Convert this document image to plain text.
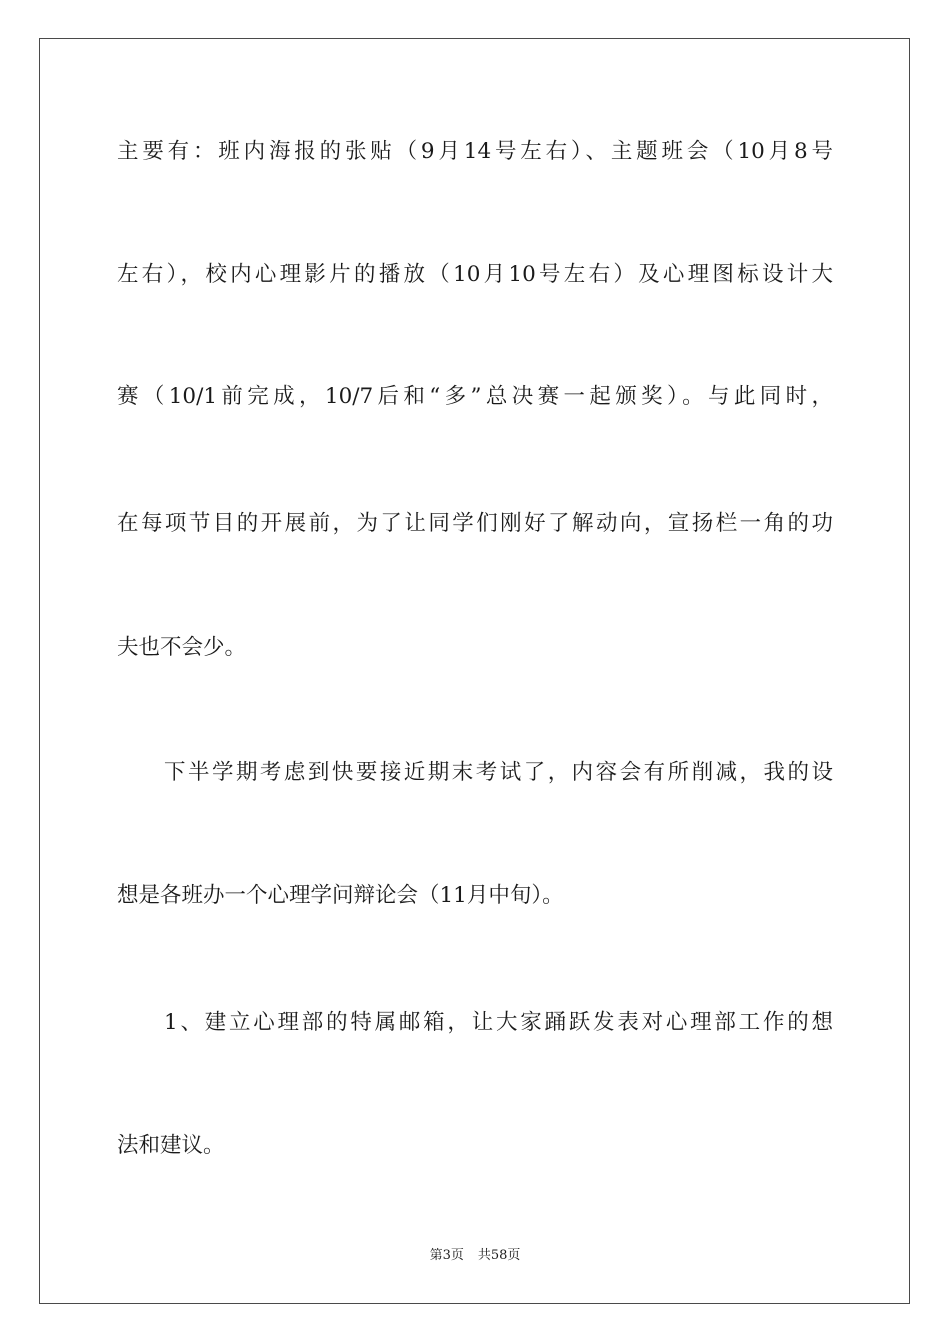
主要有：班内海报的张贴（9月14号左右）、主题班会（10月8号
左右），校内心理影片的播放（10月10号左右）及心理图标设计大
赛（10/1前完成，10/7后和“多”总决赛一起颁奖）。与此同时，
在每项节目的开展前，为了让同学们刚好了解动向，宣扬栏一角的功
夫也不会少。
下半学期考虑到快要接近期末考试了，内容会有所削减，我的设
想是各班办一个心理学问辩论会（11月中旬）。
1、建立心理部的特属邮箱，让大家踊跃发表对心理部工作的想
法和建议。
第3页 共58页
